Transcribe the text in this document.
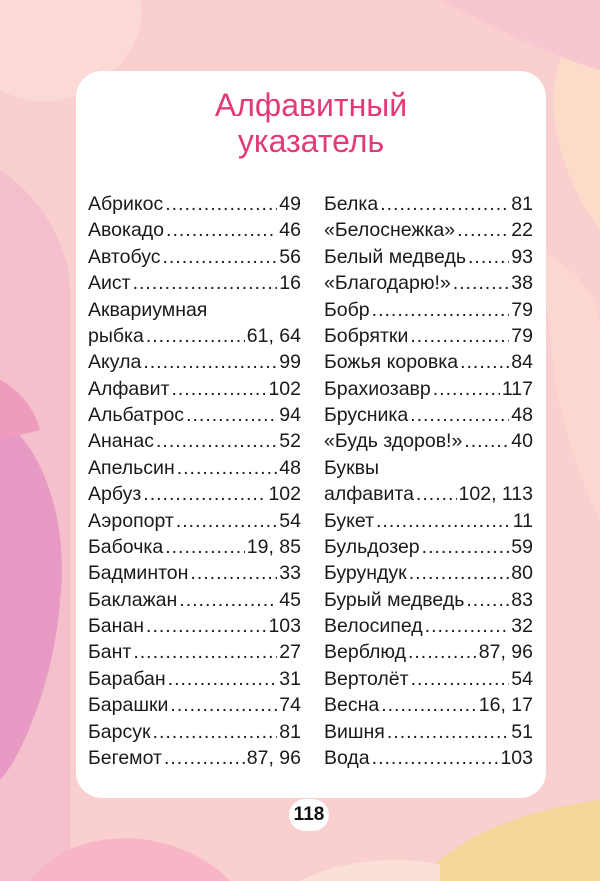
Алфавитный
указатель
Абрикос .....	49
Авокадо .....	46
Автобус .....	56
Аист .....	16
Аквариумная
рыбка .....	61, 64
Акула .....	99
Алфавит .....	102
Альбатрос .....	94
Ананас .....	52
Апельсин .....	48
Арбуз .....	102
Аэропорт .....	54
Бабочка .....	19, 85
Бадминтон .....	33
Баклажан .....	45
Банан .....	103
Бант .....	27
Барабан .....	31
Барашки .....	74
Барсук .....	81
Бегемот .....	87, 96
Белка .....	81
«Белоснежка» .....	22
Белый медведь ..... 93
«Благодарю!» .....	38
Бобр .....	79
Бобрятки .....	79
Божья коровка .....	84
Брахиозавр .....	117
Брусника .....	48
«Будь здоров!» .....	40
Буквы
алфавита ..... 102, 113
Букет .....	11
Бульдозер .....	59
Бурундук .....	80
Бурый медведь ..... 83
Велосипед .....	32
Верблюд .....	87, 96
Вертолёт .....	54
Весна .....	16, 17
Вишня .....	51
Вода .....	103
118
